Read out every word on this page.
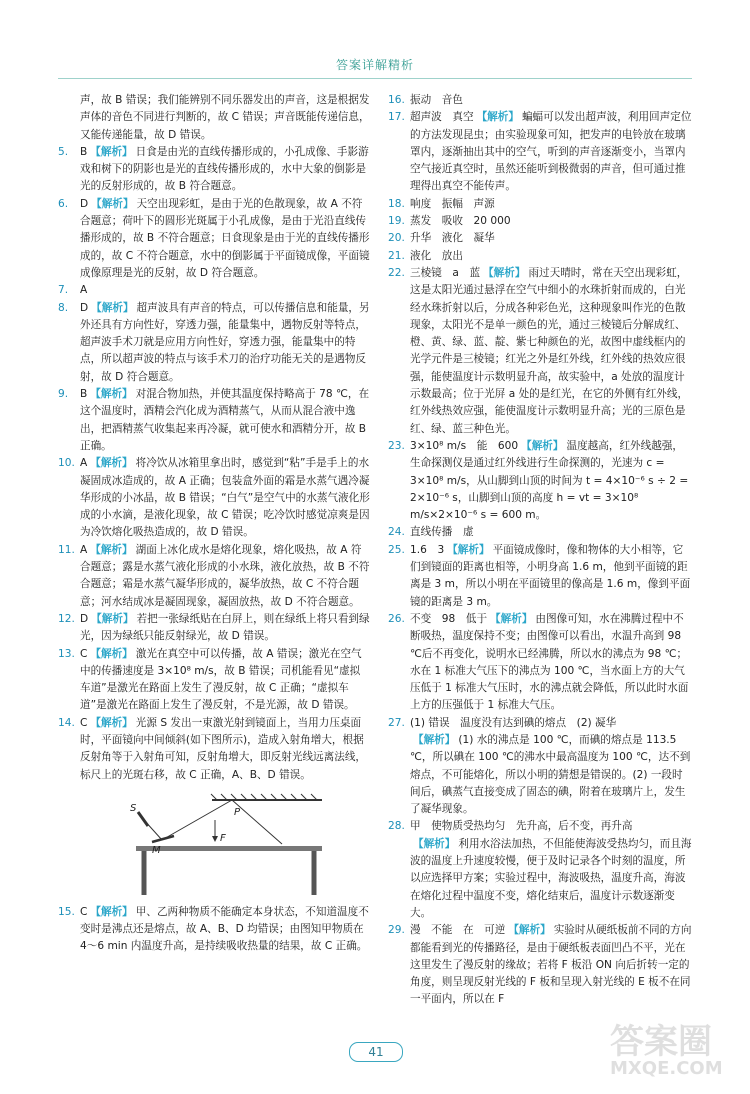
答案详解精析
声，故 B 错误；我们能辨别不同乐器发出的声音，这是根据发声体的音色不同进行判断的，故 C 错误；声音既能传递信息，又能传递能量，故 D 错误。
5.	B 【解析】 日食是由光的直线传播形成的，小孔成像、手影游戏和树下的阴影也是光的直线传播形成的，水中大象的倒影是光的反射形成的，故 B 符合题意。
6.	D 【解析】 天空出现彩虹，是由于光的色散现象，故 A 不符合题意；荷叶下的圆形光斑属于小孔成像，是由于光沿直线传播形成的，故 B 不符合题意；日食现象是由于光的直线传播形成的，故 C 不符合题意，水中的倒影属于平面镜成像，平面镜成像原理是光的反射，故 D 符合题意。
7.	A
8.	D 【解析】 超声波具有声音的特点，可以传播信息和能量，另外还具有方向性好，穿透力强，能量集中，遇物反射等特点，超声波手术刀就是应用方向性好，穿透力强，能量集中的特点，所以超声波的特点与该手术刀的治疗功能无关的是遇物反射，故 D 符合题意。
9.	B 【解析】 对混合物加热，并使其温度保持略高于 78 ℃，在这个温度时，酒精会汽化成为酒精蒸气，从而从混合液中逸出，把酒精蒸气收集起来再冷凝，就可使水和酒精分开，故 B 正确。
10. A 【解析】 将冷饮从冰箱里拿出时，感觉到“粘”手是手上的水凝固成冰造成的，故 A 正确；包装盒外面的霜是水蒸气遇冷凝华形成的小冰晶，故 B 错误；“白气”是空气中的水蒸气液化形成的小水滴，是液化现象，故 C 错误；吃冷饮时感觉凉爽是因为冷饮熔化吸热造成的，故 D 错误。
11. A 【解析】 湖面上冰化成水是熔化现象，熔化吸热，故 A 符合题意；露是水蒸气液化形成的小水珠，液化放热，故 B 不符合题意；霜是水蒸气凝华形成的，凝华放热，故 C 不符合题意；河水结成冰是凝固现象，凝固放热，故 D 不符合题意。
12. D 【解析】 若把一张绿纸贴在白屏上，则在绿纸上将只看到绿光，因为绿纸只能反射绿光，故 D 错误。
13. C 【解析】 激光在真空中可以传播，故 A 错误；激光在空气中的传播速度是 3×10⁸ m/s，故 B 错误；司机能看见“虚拟车道”是激光在路面上发生了漫反射，故 C 正确；“虚拟车道”是激光在路面上发生了漫反射，不是光源，故 D 错误。
14. C 【解析】 光源 S 发出一束激光射到镜面上，当用力压桌面时，平面镜向中间倾斜(如下图所示)，造成入射角增大，根据反射角等于入射角可知，反射角增大，即反射光线远离法线，标尺上的光斑右移，故 C 正确，A、B、D 错误。
S	P
M
F
15. C 【解析】 甲、乙两种物质不能确定本身状态，不知道温度不变时是沸点还是熔点，故 A、B、D 均错误；由图知甲物质在 4～6 min 内温度升高，是持续吸收热量的结果，故 C 正确。
16. 振动　音色
17. 超声波　真空 【解析】 蝙蝠可以发出超声波，利用回声定位的方法发现昆虫；由实验现象可知，把发声的电铃放在玻璃罩内，逐渐抽出其中的空气，听到的声音逐渐变小，当罩内空气接近真空时，虽然还能听到极微弱的声音，但可通过推理得出真空不能传声。
18. 响度　振幅　声源
19. 蒸发　吸收　20 000
20. 升华　液化　凝华
21. 液化　放出
22. 三棱镜　a　蓝 【解析】 雨过天晴时，常在天空出现彩虹，这是太阳光通过悬浮在空气中细小的水珠折射而成的，白光经水珠折射以后，分成各种彩色光，这种现象叫作光的色散现象，太阳光不是单一颜色的光，通过三棱镜后分解成红、橙、黄、绿、蓝、靛、紫七种颜色的光，故图中虚线框内的光学元件是三棱镜；红光之外是红外线，红外线的热效应很强，能使温度计示数明显升高，故实验中，a 处放的温度计示数最高；位于光屏 a 处的是红光，在它的外侧有红外线，红外线热效应强，能使温度计示数明显升高；光的三原色是红、绿、蓝三种色光。
23. 3×10⁸ m/s　能　600 【解析】 温度越高，红外线越强，生命探测仪是通过红外线进行生命探测的，光速为 c = 3×10⁸ m/s，从山脚到山顶的时间为 t = 4×10⁻⁶ s ÷ 2 = 2×10⁻⁶ s，山脚到山顶的高度 h = vt = 3×10⁸ m/s×2×10⁻⁶ s = 600 m。
24. 直线传播　虚
25. 1.6　3 【解析】 平面镜成像时，像和物体的大小相等，它们到镜面的距离也相等，小明身高 1.6 m，他到平面镜的距离是 3 m，所以小明在平面镜里的像高是 1.6 m，像到平面镜的距离是 3 m。
26. 不变　98　低于 【解析】 由图像可知，水在沸腾过程中不断吸热，温度保持不变；由图像可以看出，水温升高到 98 ℃后不再变化，说明水已经沸腾，所以水的沸点为 98 ℃；水在 1 标准大气压下的沸点为 100 ℃，当水面上方的大气压低于 1 标准大气压时，水的沸点就会降低，所以此时水面上方的压强低于 1 标准大气压。
27. (1) 错误　温度没有达到碘的熔点　(2) 凝华
【解析】 (1) 水的沸点是 100 ℃，而碘的熔点是 113.5 ℃，所以碘在 100 ℃的沸水中最高温度为 100 ℃，达不到熔点，不可能熔化，所以小明的猜想是错误的。(2) 一段时间后，碘蒸气直接变成了固态的碘，附着在玻璃片上，发生了凝华现象。
28. 甲　使物质受热均匀　先升高，后不变，再升高
【解析】 利用水浴法加热，不但能使海波受热均匀，而且海波的温度上升速度较慢，便于及时记录各个时刻的温度，所以应选择甲方案；实验过程中，海波吸热，温度升高，海波在熔化过程中温度不变，熔化结束后，温度计示数逐渐变大。
29. 漫　不能　在　可逆 【解析】 实验时从硬纸板前不同的方向都能看到光的传播路径，是由于硬纸板表面凹凸不平，光在这里发生了漫反射的缘故；若将 F 板沿 ON 向后折转一定的角度，则呈现反射光线的 F 板和呈现入射光线的 E 板不在同一平面内，所以在 F
41	答案圈
MXQE.COM
